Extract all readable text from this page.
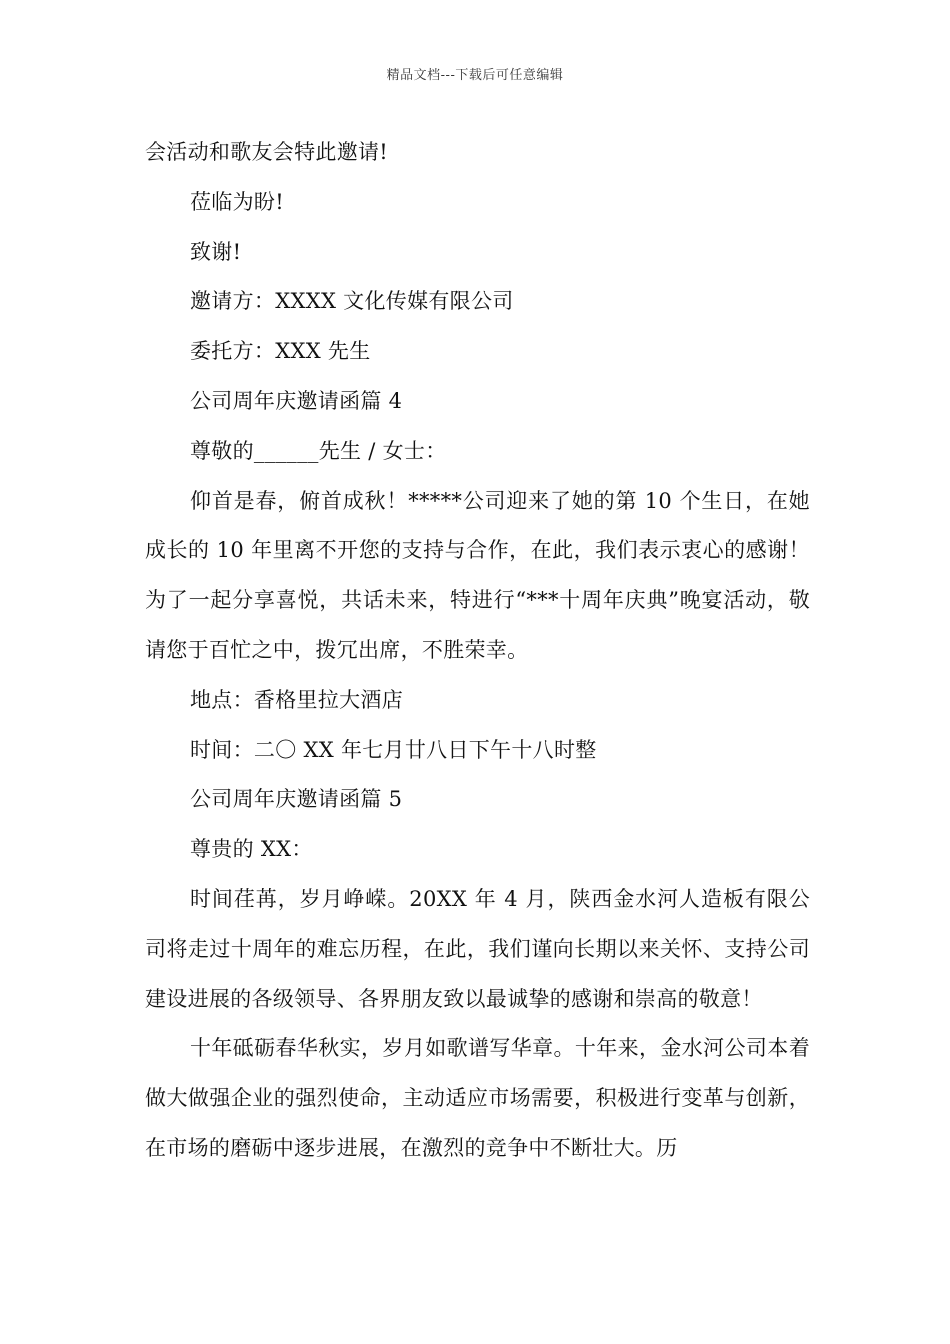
精品文档---下载后可任意编辑

会活动和歌友会特此邀请!

莅临为盼!

致谢!

邀请方：XXXX 文化传媒有限公司

委托方：XXX 先生

公司周年庆邀请函篇 4

尊敬的______先生 / 女士：

仰首是春，俯首成秋！*****公司迎来了她的第 10 个生日，在她成长的 10 年里离不开您的支持与合作，在此，我们表示衷心的感谢！为了一起分享喜悦，共话未来，特进行“***十周年庆典”晚宴活动，敬请您于百忙之中，拨冗出席，不胜荣幸。

地点：香格里拉大酒店

时间：二〇 XX 年七月廿八日下午十八时整

公司周年庆邀请函篇 5

尊贵的 XX：

时间荏苒，岁月峥嵘。20XX 年 4 月，陕西金水河人造板有限公司将走过十周年的难忘历程，在此，我们谨向长期以来关怀、支持公司建设进展的各级领导、各界朋友致以最诚挚的感谢和崇高的敬意！

十年砥砺春华秋实，岁月如歌谱写华章。十年来，金水河公司本着做大做强企业的强烈使命，主动适应市场需要，积极进行变革与创新，在市场的磨砺中逐步进展，在激烈的竞争中不断壮大。历
